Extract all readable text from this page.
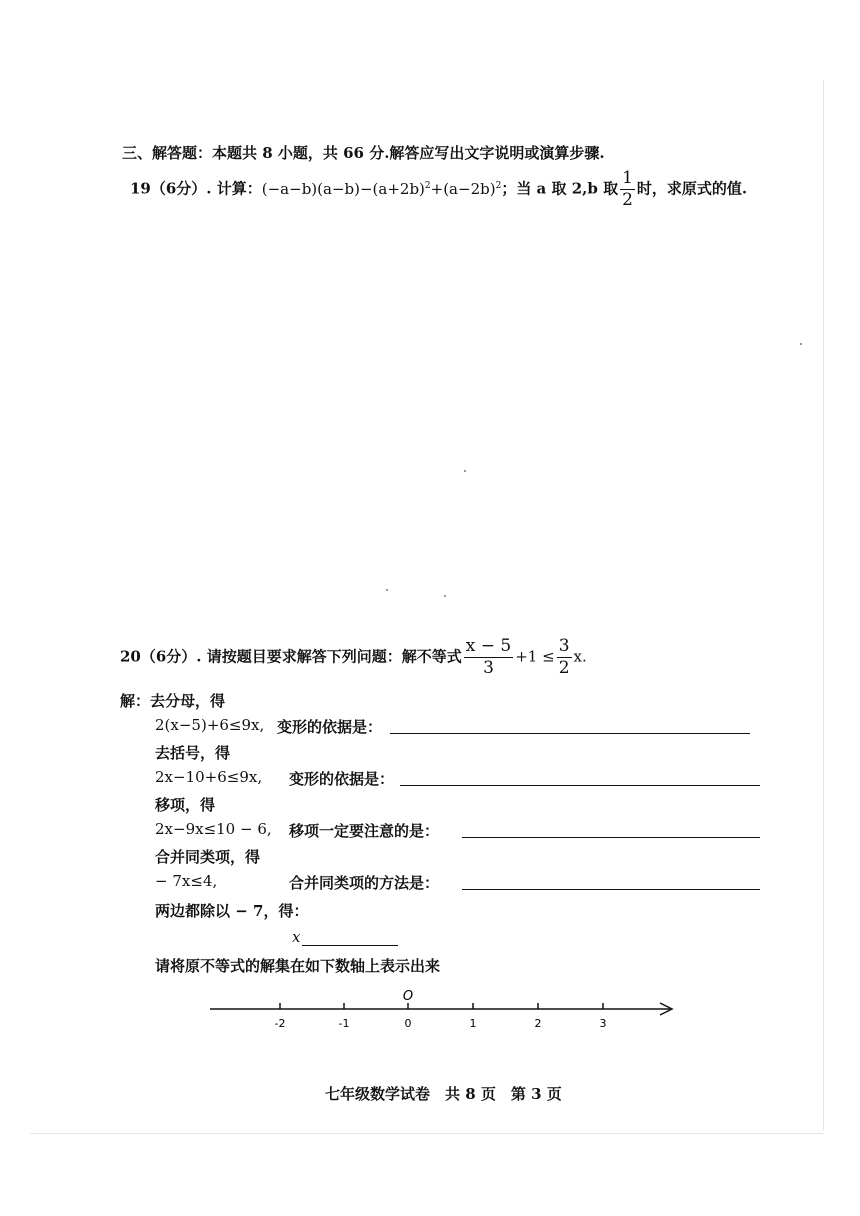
三、解答题：本题共 8 小题，共 66 分.解答应写出文字说明或演算步骤.
19（6分）. 计算：$(-a-b)(a-b)-(a+2b)^2+(a-2b)^2$；当 a 取 2,b 取 $\frac{1}{2}$ 时，求原式的值.
20（6分）. 请按题目要求解答下列问题：解不等式 $\frac{x - 5}{3} +1 \le \frac{3}{2} x$.
解：去分母，得
2(x−5)+6≤9x, 变形的依据是：
去括号，得
2x−10+6≤9x, 变形的依据是：
移项，得
2x−9x≤10 − 6, 移项一定要注意的是：
合并同类项，得
− 7x≤4,	合并同类项的方法是：
两边都除以 − 7，得：
x
请将原不等式的解集在如下数轴上表示出来
O
-2	-1	0	1	2	3
七年级数学试卷　共 8 页　第 3 页
